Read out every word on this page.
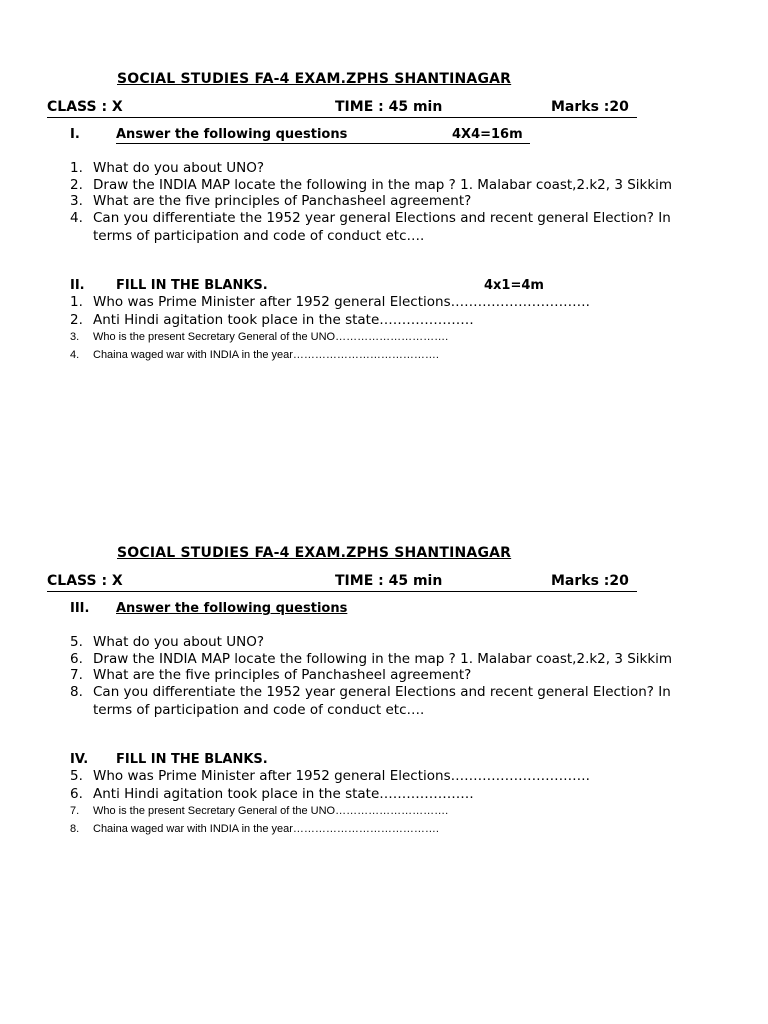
SOCIAL STUDIES FA-4 EXAM.ZPHS SHANTINAGAR
CLASS : X	TIME : 45 min	Marks :20
I.	Answer the following questions	4X4=16m
1. What do you about UNO?
2. Draw the INDIA MAP locate the following in the map ? 1. Malabar coast,2.k2, 3 Sikkim
3. What are the five principles of Panchasheel agreement?
4. Can you differentiate the 1952 year general Elections and recent general Election? In terms of participation and code of conduct etc….
II. FILL IN THE BLANKS.	4x1=4m
1. Who was Prime Minister after 1952 general Elections………………………….
2. Anti Hindi agitation took place in the state…………………
3. Who is the present Secretary General of the UNO………………………….
4. Chaina waged war with INDIA in the year………………………………….
SOCIAL STUDIES FA-4 EXAM.ZPHS SHANTINAGAR
CLASS : X	TIME : 45 min	Marks :20
III. Answer the following questions
5. What do you about UNO?
6. Draw the INDIA MAP locate the following in the map ? 1. Malabar coast,2.k2, 3 Sikkim
7. What are the five principles of Panchasheel agreement?
8. Can you differentiate the 1952 year general Elections and recent general Election? In terms of participation and code of conduct etc….
IV. FILL IN THE BLANKS.
5. Who was Prime Minister after 1952 general Elections………………………….
6. Anti Hindi agitation took place in the state…………………
7. Who is the present Secretary General of the UNO………………………….
8. Chaina waged war with INDIA in the year………………………………….
